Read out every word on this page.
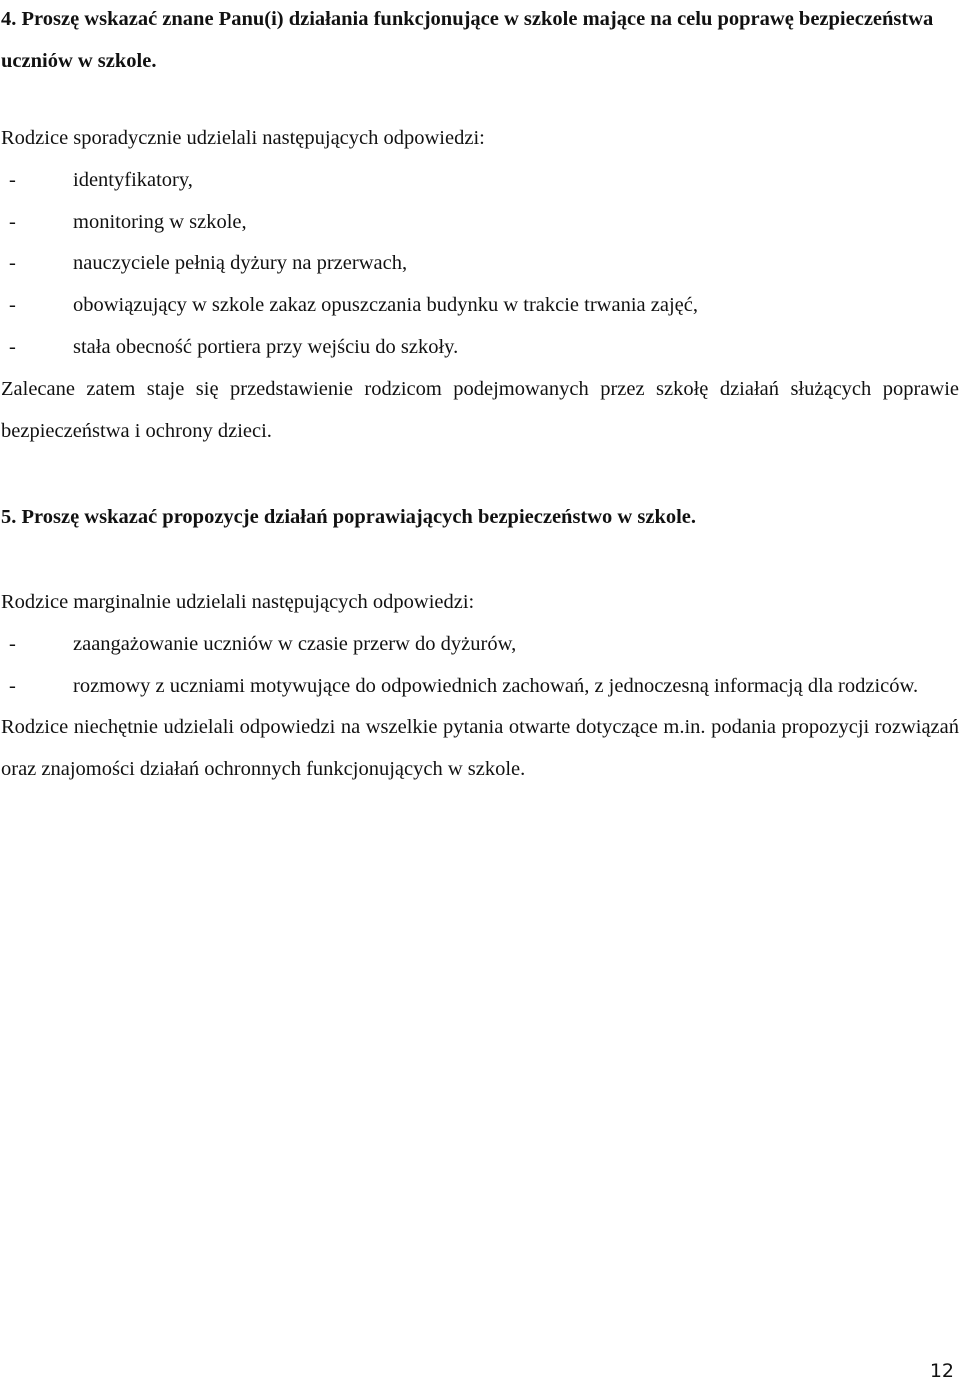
4. Proszę wskazać znane Panu(i) działania funkcjonujące w szkole mające na celu poprawę bezpieczeństwa uczniów w szkole.

Rodzice sporadycznie udzielali następujących odpowiedzi:

-	identyfikatory,
-	monitoring w szkole,
-	nauczyciele pełnią dyżury na przerwach,
-	obowiązujący w szkole zakaz opuszczania budynku w trakcie trwania zajęć,
-	stała obecność portiera przy wejściu do szkoły.

Zalecane zatem staje się przedstawienie rodzicom podejmowanych przez szkołę działań służących poprawie bezpieczeństwa i ochrony dzieci.

5. Proszę wskazać propozycje działań poprawiających bezpieczeństwo w szkole.

Rodzice marginalnie udzielali następujących odpowiedzi:

-	zaangażowanie uczniów w czasie przerw do dyżurów,
-	rozmowy z uczniami motywujące do odpowiednich zachowań, z jednoczesną informacją dla rodziców.

Rodzice niechętnie udzielali odpowiedzi na wszelkie pytania otwarte dotyczące m.in. podania propozycji rozwiązań oraz znajomości działań ochronnych funkcjonujących w szkole.

12
